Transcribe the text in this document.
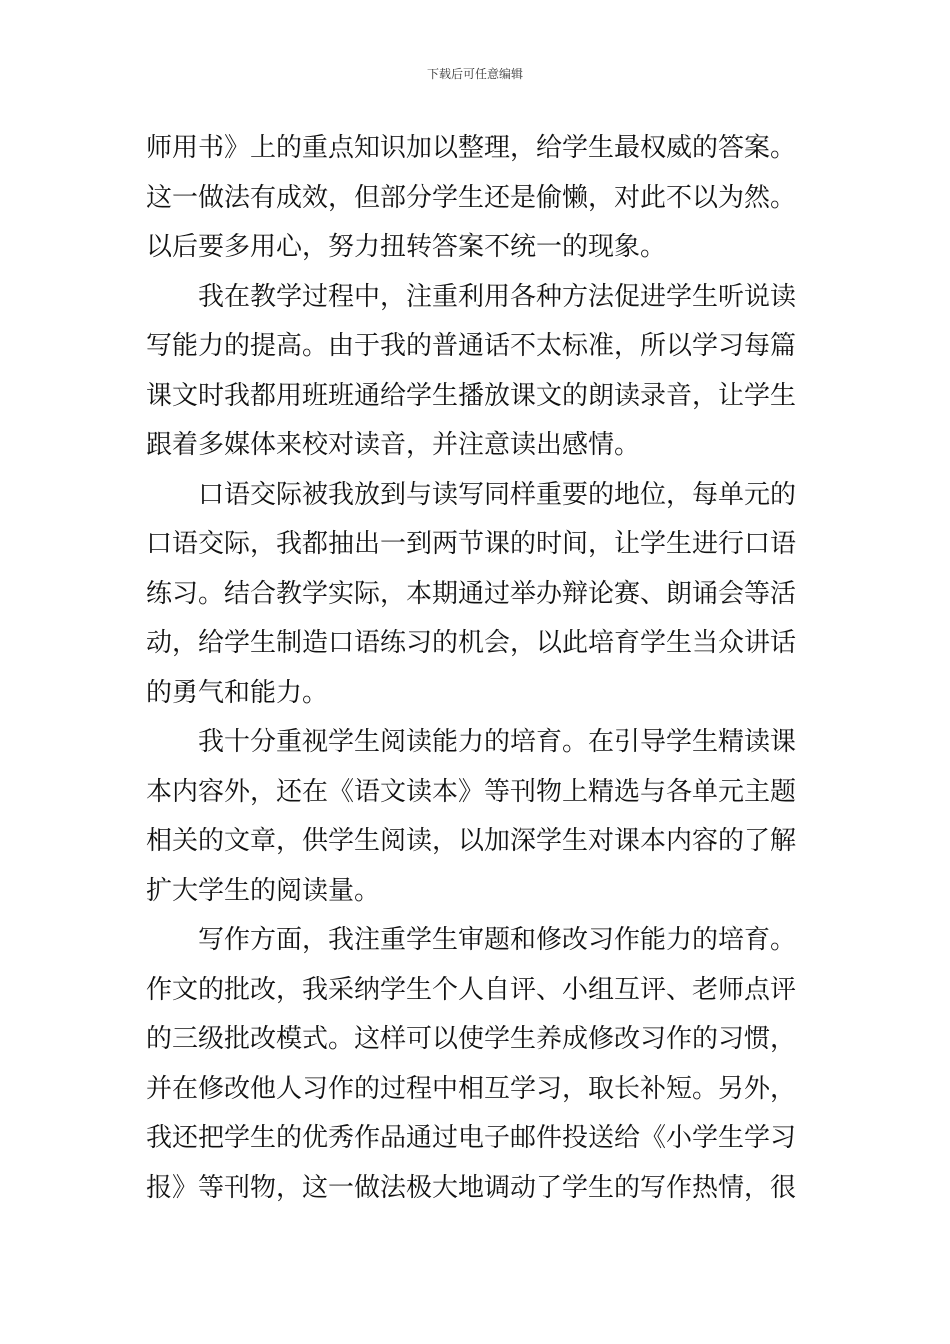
下载后可任意编辑
师用书》上的重点知识加以整理，给学生最权威的答案。
这一做法有成效，但部分学生还是偷懒，对此不以为然。
以后要多用心，努力扭转答案不统一的现象。
我在教学过程中，注重利用各种方法促进学生听说读
写能力的提高。由于我的普通话不太标准，所以学习每篇
课文时我都用班班通给学生播放课文的朗读录音，让学生
跟着多媒体来校对读音，并注意读出感情。
口语交际被我放到与读写同样重要的地位，每单元的
口语交际，我都抽出一到两节课的时间，让学生进行口语
练习。结合教学实际，本期通过举办辩论赛、朗诵会等活
动，给学生制造口语练习的机会，以此培育学生当众讲话
的勇气和能力。
我十分重视学生阅读能力的培育。在引导学生精读课
本内容外，还在《语文读本》等刊物上精选与各单元主题
相关的文章，供学生阅读，以加深学生对课本内容的了解
扩大学生的阅读量。
写作方面，我注重学生审题和修改习作能力的培育。
作文的批改，我采纳学生个人自评、小组互评、老师点评
的三级批改模式。这样可以使学生养成修改习作的习惯，
并在修改他人习作的过程中相互学习，取长补短。另外，
我还把学生的优秀作品通过电子邮件投送给《小学生学习
报》等刊物，这一做法极大地调动了学生的写作热情，很
